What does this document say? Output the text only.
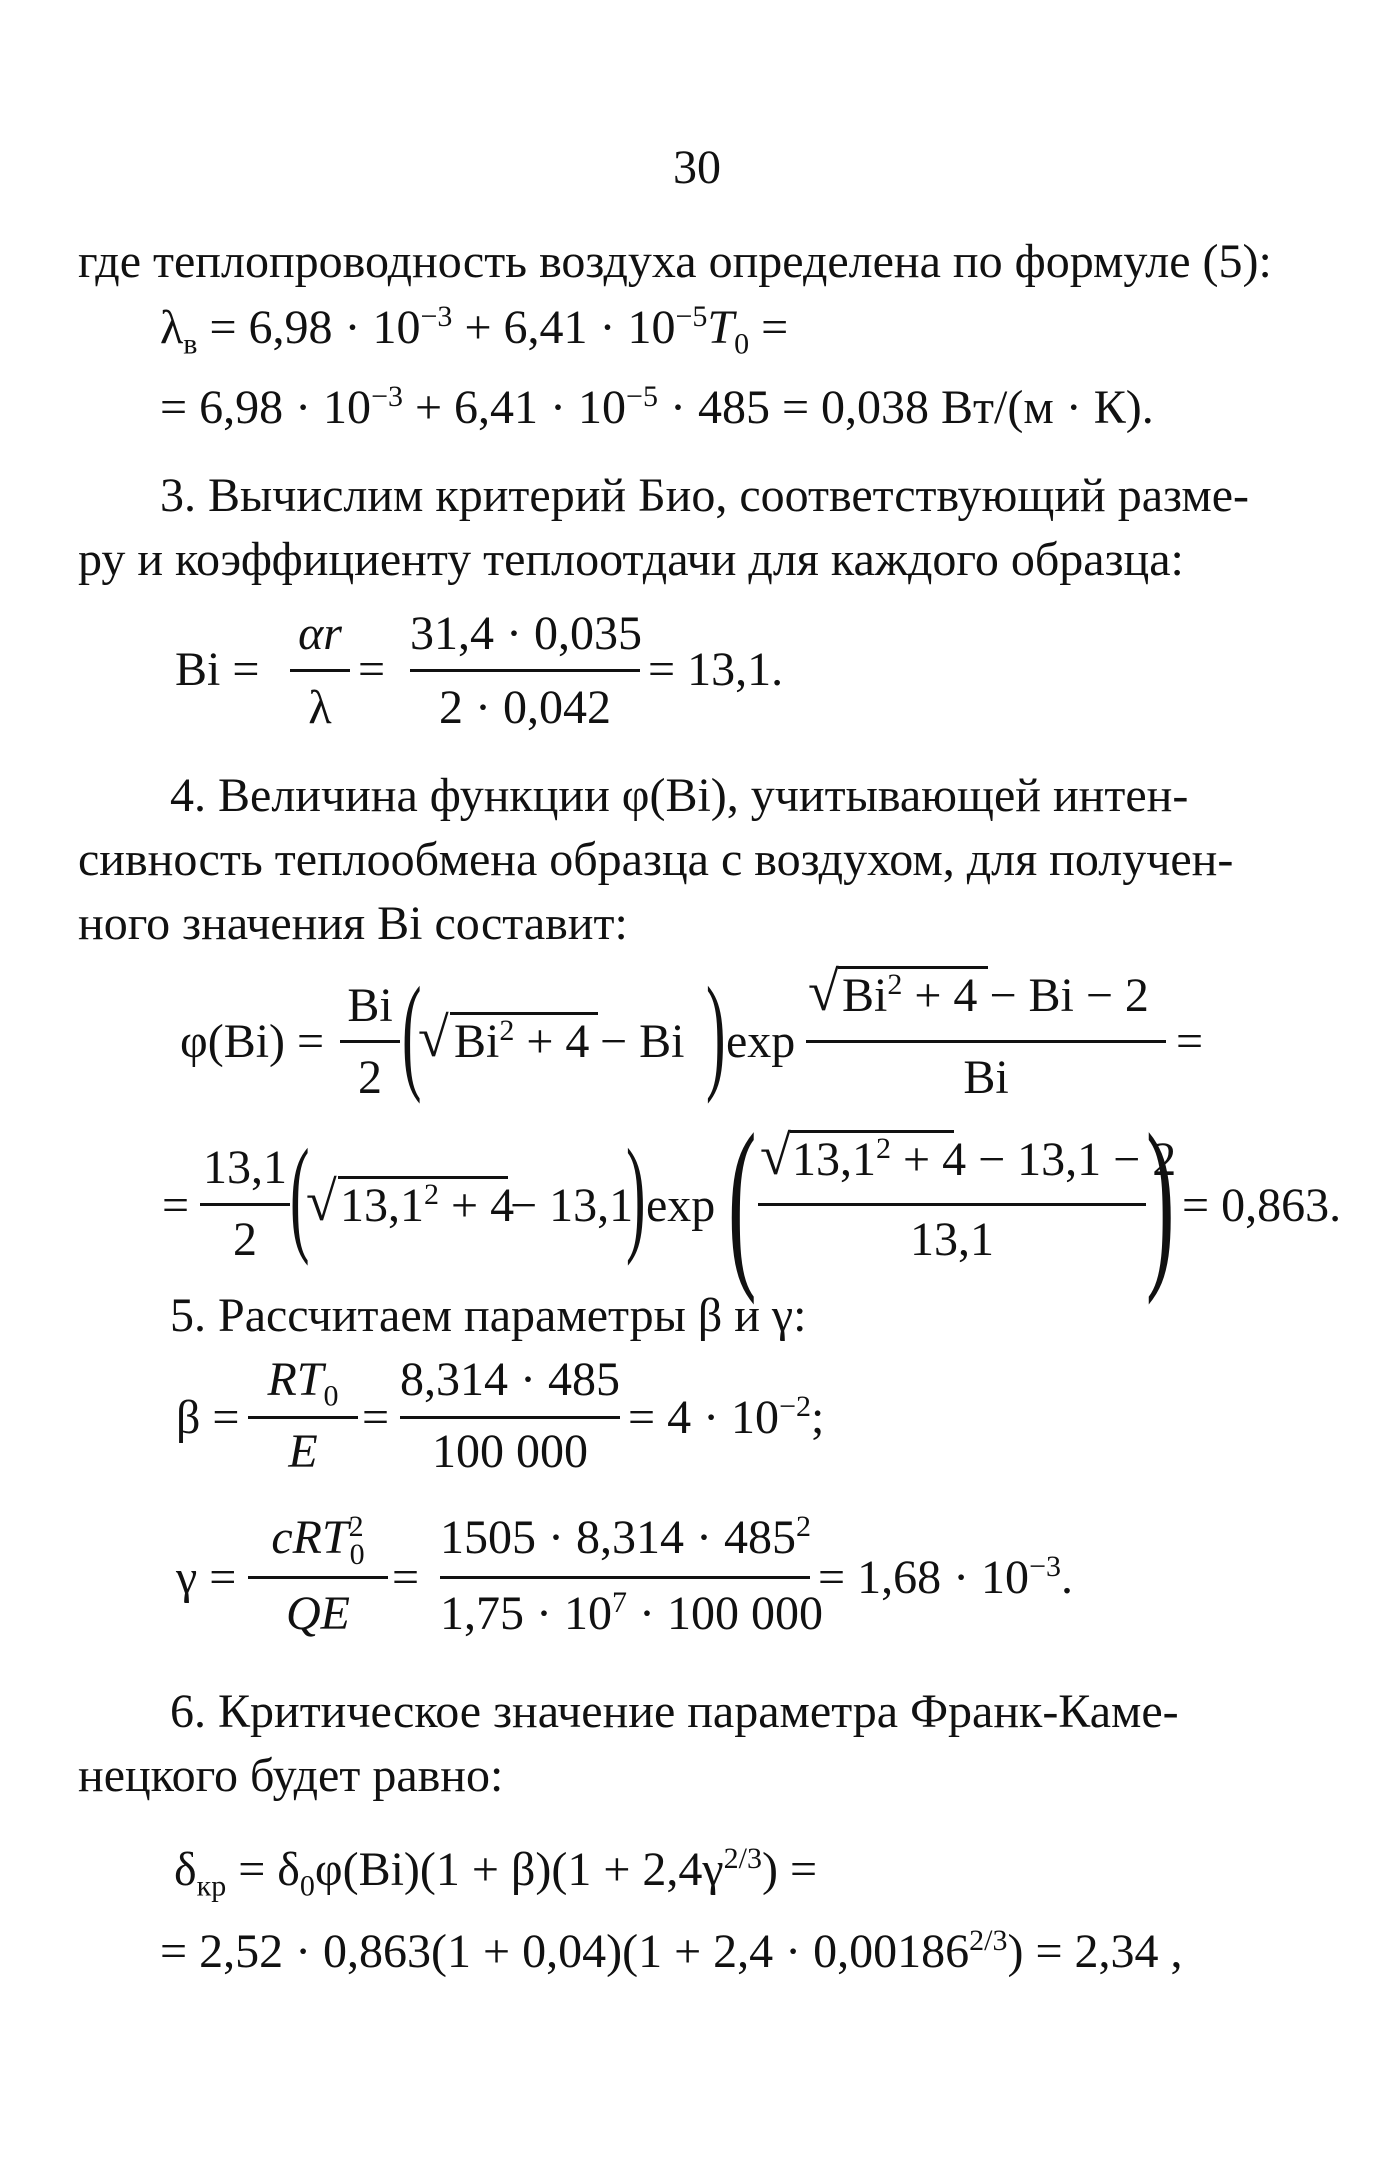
30
где теплопроводность воздуха определена по формуле (5):
$\lambda_в = 6,98 \cdot 10^{-3} + 6,41 \cdot 10^{-5}T_0$ =
= $6,98 \cdot 10^{-3} + 6,41 \cdot 10^{-5} \cdot 485 = 0,038$ Вт/(м · К).
3. Вычислим критерий Био, соответствующий разме-
ру и коэффициенту теплоотдачи для каждого образца:
Bi =
αr
λ
=
31,4 · 0,035
2 · 0,042
= 13,1.
4. Величина функции φ(Bi), учитывающей интен-
сивность теплообмена образца с воздухом, для получен-
ного значения Bi составит:
φ(Bi) =
Bi
2 (
√ $Bi^2 + 4 - Bi$ ) exp
√ $Bi^2 + 4 - Bi - 2$
Bi
=
=
13,1
2 (
√ $13,1^2 + 4$
− 13,1
) exp ( √ $13,1^2 + 4 - 13,1 - 2$
13,1 ) = 0,863.
5. Рассчитаем параметры β и γ:
β =
$RT_0$
E
=
8,314 · 485
100 000
= $4 \cdot 10^{-2}$;
γ =
cRT$^2_0$
QE
=
$1505 \cdot 8,314 \cdot 485^2$
$1,75 \cdot 10^7 \cdot 100$ 000
= $1,68 \cdot 10^{-3}$.
6. Критическое значение параметра Франк-Каме-
нецкого будет равно:
$\delta_{кр} = \delta_0\varphi(Bi)(1 + \beta)(1 + 2,4\gamma^{2/3})$ =
= $2,52 \cdot 0,863(1 + 0,04)(1 + 2,4 \cdot 0,00186^{2/3}) = 2,34$ ,
